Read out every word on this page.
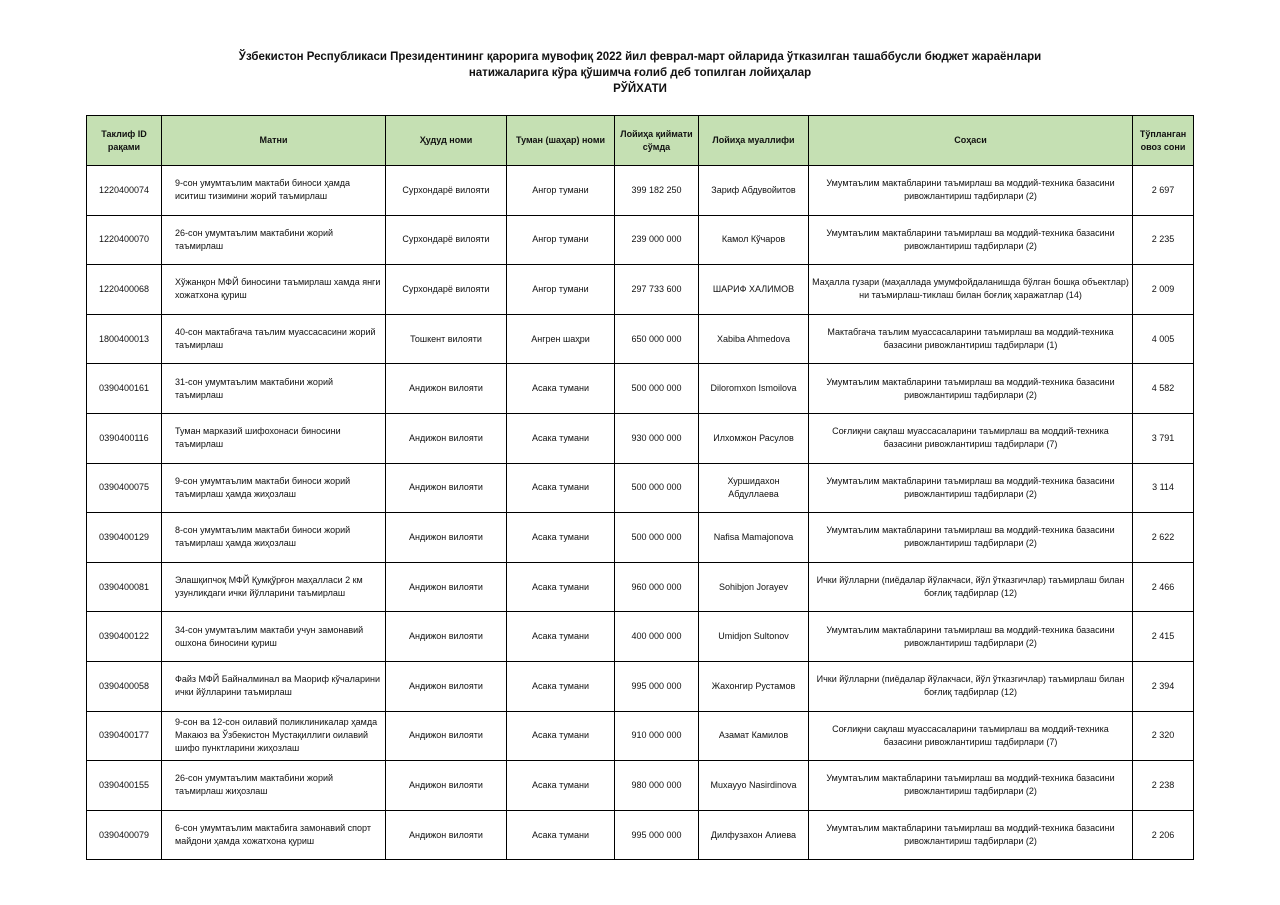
Ўзбекистон Республикаси Президентининг қарорига мувофиқ 2022 йил феврал-март ойларида ўтказилган ташаббусли бюджет жараёнлари
натижаларига кўра қўшимча ғолиб деб топилган лойиҳалар
РЎЙХАТИ
Таклиф ID рақами	Матни	Ҳудуд номи	Туман (шаҳар) номи	Лойиҳа қиймати сўмда	Лойиҳа муаллифи	Соҳаси	Тўпланган овоз сони
1220400074	9-сон умумтаълим мактаби биноси ҳамда иситиш тизимини жорий таъмирлаш	Сурхондарё вилояти	Ангор тумани	399 182 250	Зариф Абдувойитов	Умумтаълим мактабларини таъмирлаш ва моддий-техника базасини ривожлантириш тадбирлари (2)	2 697
1220400070	26-сон умумтаълим мактабини жорий таъмирлаш	Сурхондарё вилояти	Ангор тумани	239 000 000	Камол Кўчаров	Умумтаълим мактабларини таъмирлаш ва моддий-техника базасини ривожлантириш тадбирлари (2)	2 235
1220400068	Хўжанқон МФЙ биносини таъмирлаш хамда янги хожатхона қуриш	Сурхондарё вилояти	Ангор тумани	297 733 600	ШАРИФ ХАЛИМОВ	Маҳалла гузари (маҳаллада умумфойдаланишда бўлган бошқа объектлар) ни таъмирлаш-тиклаш билан боғлиқ харажатлар (14)	2 009
1800400013	40-сон мактабгача таълим муассасасини жорий таъмирлаш	Тошкент вилояти	Ангрен шаҳри	650 000 000	Xabiba Ahmedova	Мактабгача таълим муассасаларини таъмирлаш ва моддий-техника базасини ривожлантириш тадбирлари (1)	4 005
0390400161	31-сон умумтаълим мактабини жорий таъмирлаш	Андижон вилояти	Асака тумани	500 000 000	Diloromxon Ismoilova	Умумтаълим мактабларини таъмирлаш ва моддий-техника базасини ривожлантириш тадбирлари (2)	4 582
0390400116	Туман марказий шифохонаси биносини таъмирлаш	Андижон вилояти	Асака тумани	930 000 000	Илхомжон Расулов	Соғлиқни сақлаш муассасаларини таъмирлаш ва моддий-техника базасини ривожлантириш тадбирлари (7)	3 791
0390400075	9-сон умумтаълим мактаби биноси жорий таъмирлаш ҳамда жиҳозлаш	Андижон вилояти	Асака тумани	500 000 000	Хуршидахон Абдуллаева	Умумтаълим мактабларини таъмирлаш ва моддий-техника базасини ривожлантириш тадбирлари (2)	3 114
0390400129	8-сон умумтаълим мактаби биноси жорий таъмирлаш ҳамда жиҳозлаш	Андижон вилояти	Асака тумани	500 000 000	Nafisa Mamajonova	Умумтаълим мактабларини таъмирлаш ва моддий-техника базасини ривожлантириш тадбирлари (2)	2 622
0390400081	Элашқипчоқ МФЙ Қумқўрғон маҳалласи 2 км узунликдаги ички йўлларини таъмирлаш	Андижон вилояти	Асака тумани	960 000 000	Sohibjon Jorayev	Ички йўлларни (пиёдалар йўлакчаси, йўл ўтказгичлар) таъмирлаш билан боғлиқ тадбирлар (12)	2 466
0390400122	34-сон умумтаълим мактаби учун замонавий ошхона биносини қуриш	Андижон вилояти	Асака тумани	400 000 000	Umidjon Sultonov	Умумтаълим мактабларини таъмирлаш ва моддий-техника базасини ривожлантириш тадбирлари (2)	2 415
0390400058	Файз МФЙ Байналминал ва Маориф кўчаларини ички йўлларини таъмирлаш	Андижон вилояти	Асака тумани	995 000 000	Жахонгир Рустамов	Ички йўлларни (пиёдалар йўлакчаси, йўл ўтказгичлар) таъмирлаш билан боғлиқ тадбирлар (12)	2 394
0390400177	9-сон ва 12-сон оилавий поликлиникалар ҳамда Макаюз ва Ўзбекистон Мустақиллиги оилавий шифо пунктларини жиҳозлаш	Андижон вилояти	Асака тумани	910 000 000	Азамат Камилов	Соғлиқни сақлаш муассасаларини таъмирлаш ва моддий-техника базасини ривожлантириш тадбирлари (7)	2 320
0390400155	26-сон умумтаълим мактабини жорий таъмирлаш жиҳозлаш	Андижон вилояти	Асака тумани	980 000 000	Muxayyo Nasirdinova	Умумтаълим мактабларини таъмирлаш ва моддий-техника базасини ривожлантириш тадбирлари (2)	2 238
0390400079	6-сон умумтаълим мактабига замонавий спорт майдони ҳамда хожатхона қуриш	Андижон вилояти	Асака тумани	995 000 000	Дилфузахон Алиева	Умумтаълим мактабларини таъмирлаш ва моддий-техника базасини ривожлантириш тадбирлари (2)	2 206
